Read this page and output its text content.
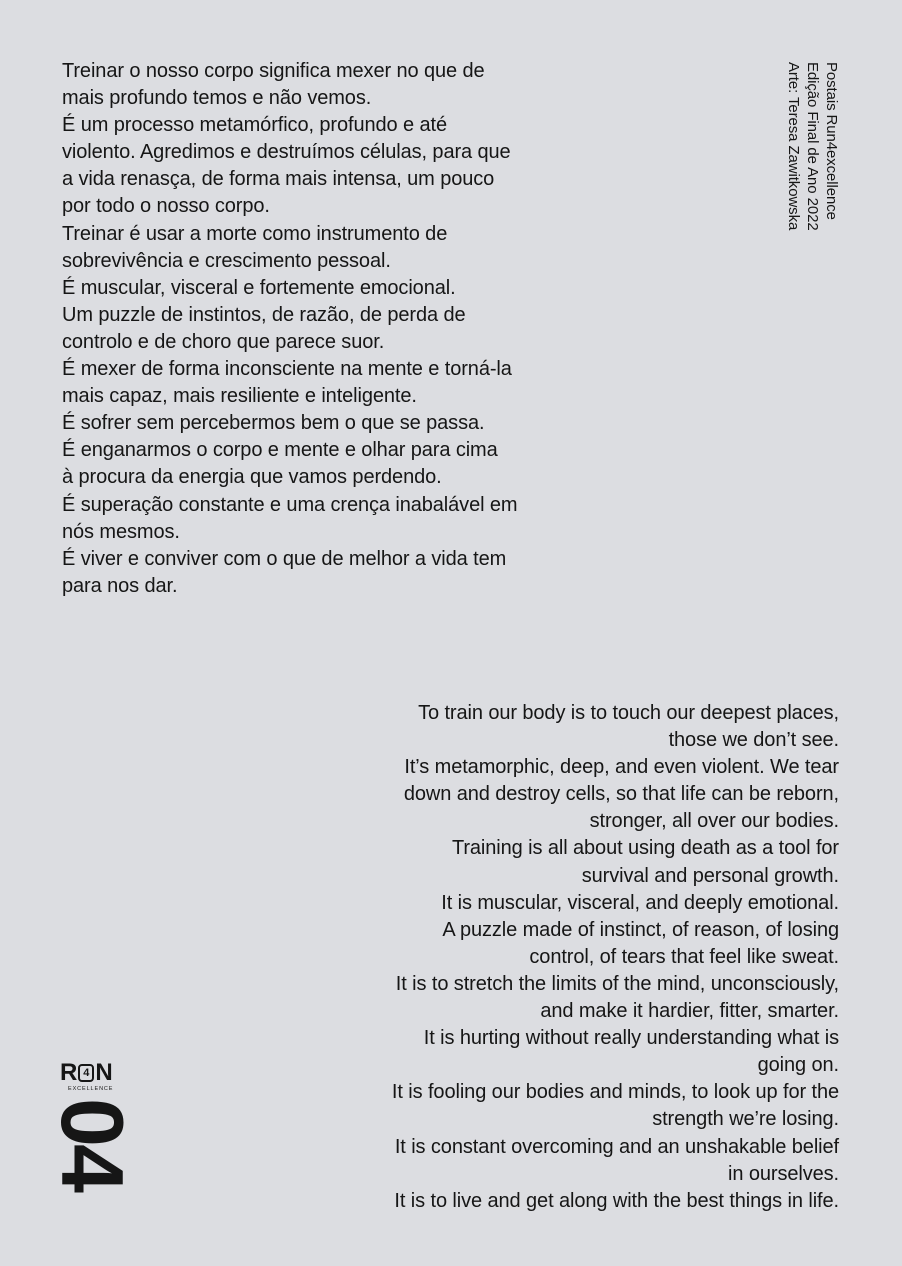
Treinar o nosso corpo significa mexer no que de
mais profundo temos e não vemos.
É um processo metamórfico, profundo e até
violento. Agredimos e destruímos células, para que
a vida renasça, de forma mais intensa, um pouco
por todo o nosso corpo.
Treinar é usar a morte como instrumento de
sobrevivência e crescimento pessoal.
É muscular, visceral e fortemente emocional.
Um puzzle de instintos, de razão, de perda de
controlo e de choro que parece suor.
É mexer de forma inconsciente na mente e torná-la
mais capaz, mais resiliente e inteligente.
É sofrer sem percebermos bem o que se passa.
É enganarmos o corpo e mente e olhar para cima
à procura da energia que vamos perdendo.
É superação constante e uma crença inabalável em
nós mesmos.
É viver e conviver com o que de melhor a vida tem
para nos dar.
Postais Run4excellence
Edição Final de Ano 2022
Arte: Teresa Zawitkowska
To train our body is to touch our deepest places,
those we don’t see.
It’s metamorphic, deep, and even violent. We tear
down and destroy cells, so that life can be reborn,
stronger, all over our bodies.
Training is all about using death as a tool for
survival and personal growth.
It is muscular, visceral, and deeply emotional.
A puzzle made of instinct, of reason, of losing
control, of tears that feel like sweat.
It is to stretch the limits of the mind, unconsciously,
and make it hardier, fitter, smarter.
It is hurting without really understanding what is
going on.
It is fooling our bodies and minds, to look up for the
strength we’re losing.
It is constant overcoming and an unshakable belief
in ourselves.
It is to live and get along with the best things in life.
R 4 N
EXCELLENCE
04
